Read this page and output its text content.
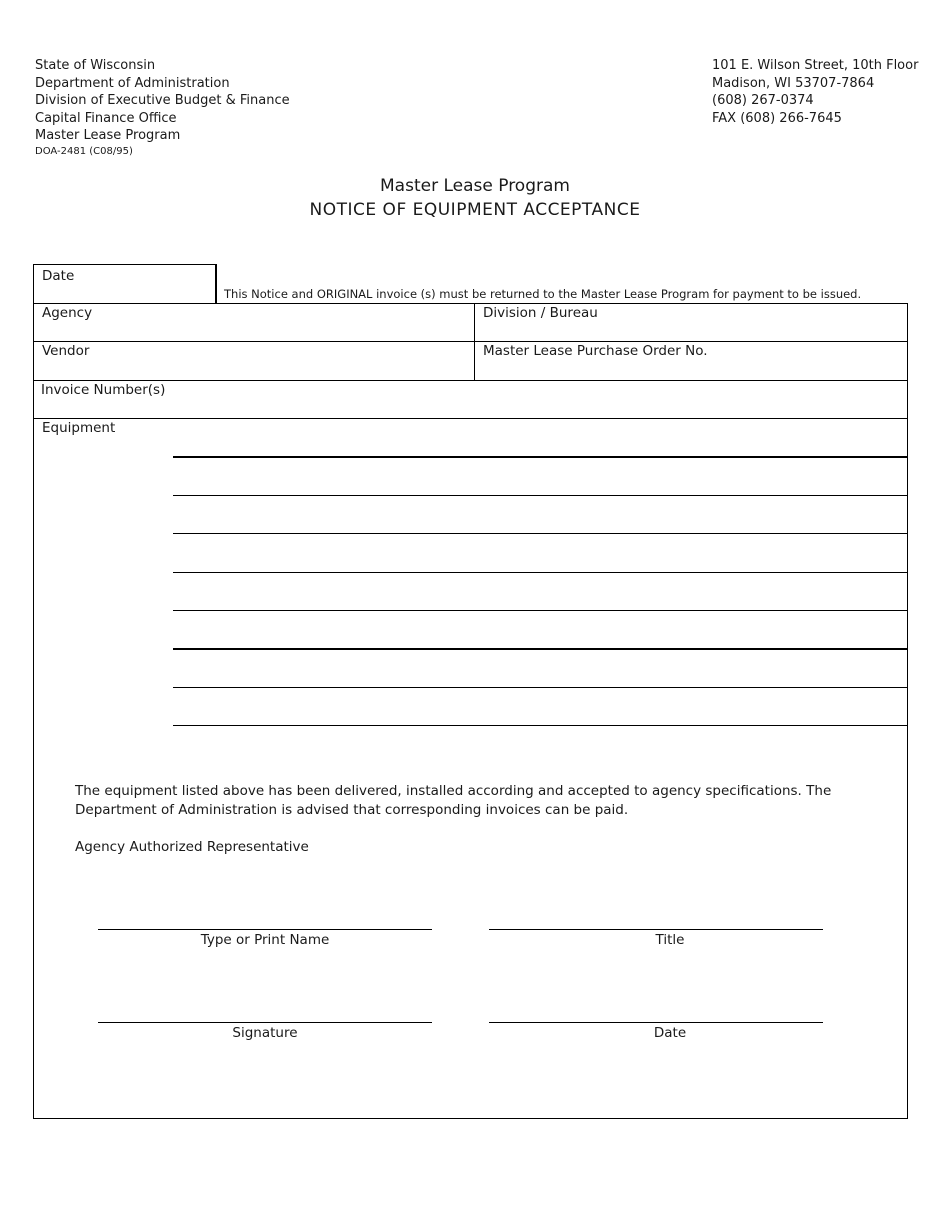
State of Wisconsin
Department of Administration
Division of Executive Budget & Finance
Capital Finance Office
Master Lease Program
DOA-2481 (C08/95)
101 E. Wilson Street, 10th Floor
Madison, WI 53707-7864
(608) 267-0374
FAX (608) 266-7645
Master Lease Program
NOTICE OF EQUIPMENT ACCEPTANCE
Date
This Notice and ORIGINAL invoice (s) must be returned to the Master Lease Program for payment to be issued.
Agency	Division / Bureau
Vendor	Master Lease Purchase Order No.
Invoice Number(s)
Equipment
The equipment listed above has been delivered, installed according and accepted to agency specifications. The Department of Administration is advised that corresponding invoices can be paid.
Agency Authorized Representative
Type or Print Name	Title
Signature	Date
